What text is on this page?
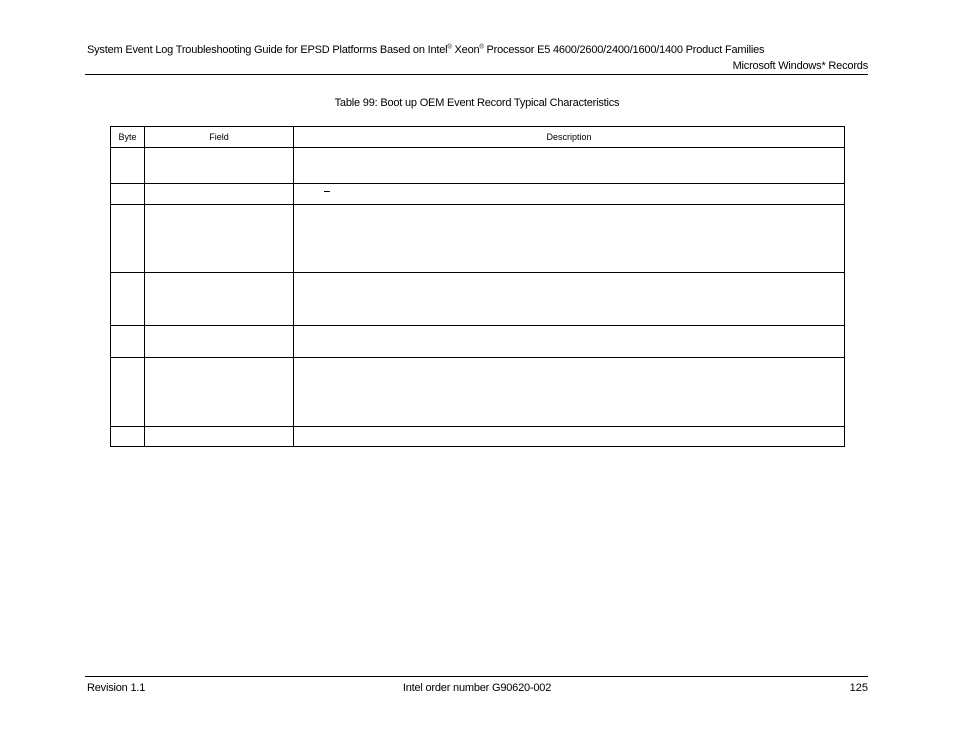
System Event Log Troubleshooting Guide for EPSD Platforms Based on Intel® Xeon® Processor E5 4600/2600/2400/1600/1400 Product Families
Microsoft Windows* Records
Table 99: Boot up OEM Event Record Typical Characteristics
Byte	Field	Description

Revision 1.1	Intel order number G90620-002	125
